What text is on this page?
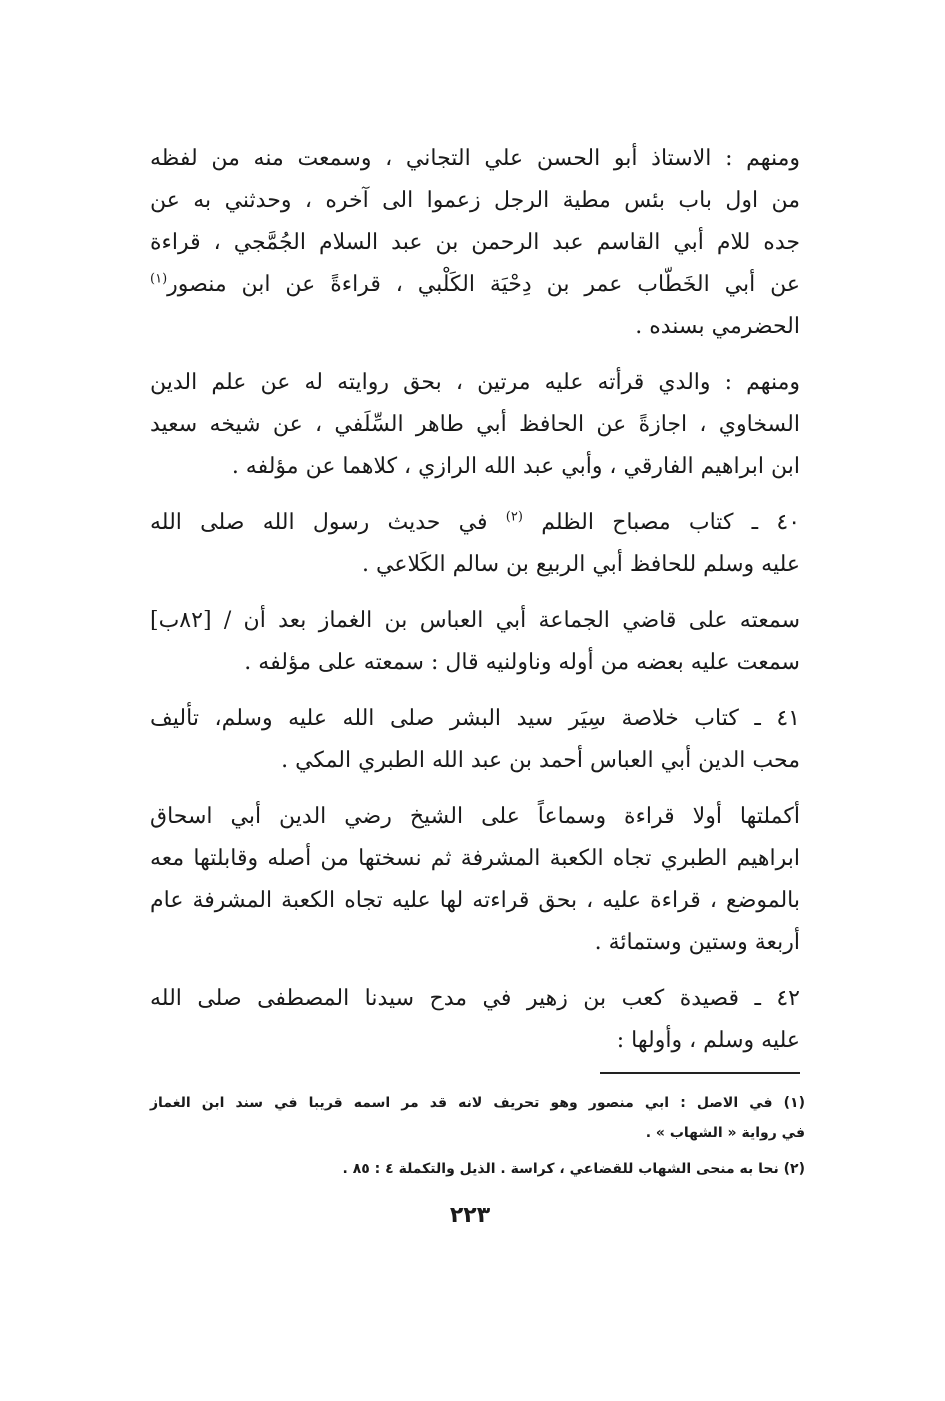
ومنهم : الاستاذ أبو الحسن علي التجاني ، وسمعت منه من لفظه
من اول باب بئس مطية الرجل زعموا الى آخره ، وحدثني به عن
جده للام أبي القاسم عبد الرحمن بن عبد السلام الجُمَّجي ، قراءة
عن أبي الخَطّاب عمر بن دِحْيَة الكَلْبي ، قراءةً عن ابن منصور$^{(١)}$
الحضرمي بسنده .

ومنهم : والدي قرأته عليه مرتين ، بحق روايته له عن علم الدين
السخاوي ، اجازةً عن الحافظ أبي طاهر السِّلَفي ، عن شيخه سعيد
ابن ابراهيم الفارقي ، وأبي عبد الله الرازي ، كلاهما عن مؤلفه .

٤٠ ـ كتاب مصباح الظلم $^{(٢)}$ في حديث رسول الله صلى الله
عليه وسلم للحافظ أبي الربيع بن سالم الكَلاعي .

سمعته على قاضي الجماعة أبي العباس بن الغماز بعد أن / [٨٢ب]
سمعت عليه بعضه من أوله وناولنيه قال : سمعته على مؤلفه .

٤١ ـ كتاب خلاصة سِيَر سيد البشر صلى الله عليه وسلم، تأليف
محب الدين أبي العباس أحمد بن عبد الله الطبري المكي .

أكملتها أولا قراءة وسماعاً على الشيخ رضي الدين أبي اسحاق
ابراهيم الطبري تجاه الكعبة المشرفة ثم نسختها من أصله وقابلتها معه
بالموضع ، قراءة عليه ، بحق قراءته لها عليه تجاه الكعبة المشرفة عام
أربعة وستين وستمائة .

٤٢ ـ قصيدة كعب بن زهير في مدح سيدنا المصطفى صلى الله
عليه وسلم ، وأولها :

(١) في الاصل : ابي منصور وهو تحريف لانه قد مر اسمه قريبا في سند ابن الغماز
في رواية « الشهاب » .

(٢) نحا به منحى الشهاب للقضاعي ، كراسة . الذيل والتكملة ٤ : ٨٥ .

٢٢٣
